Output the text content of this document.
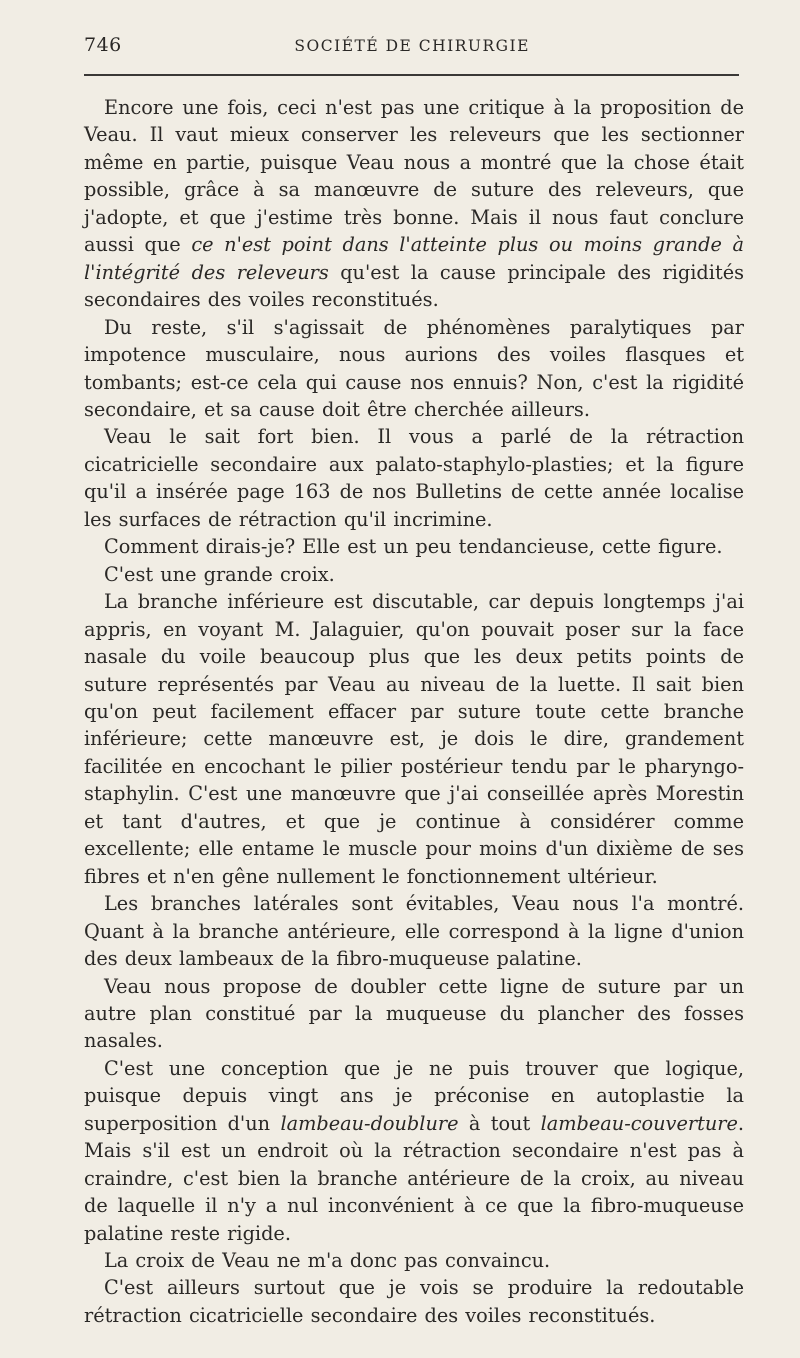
746	SOCIÉTÉ DE CHIRURGIE

Encore une fois, ceci n'est pas une critique à la proposition de Veau. Il vaut mieux conserver les releveurs que les sectionner même en partie, puisque Veau nous a montré que la chose était possible, grâce à sa manœuvre de suture des releveurs, que j'adopte, et que j'estime très bonne. Mais il nous faut conclure aussi que ce n'est point dans l'atteinte plus ou moins grande à l'intégrité des releveurs qu'est la cause principale des rigidités secondaires des voiles reconstitués.

Du reste, s'il s'agissait de phénomènes paralytiques par impotence musculaire, nous aurions des voiles flasques et tombants; est-ce cela qui cause nos ennuis? Non, c'est la rigidité secondaire, et sa cause doit être cherchée ailleurs.

Veau le sait fort bien. Il vous a parlé de la rétraction cicatricielle secondaire aux palato-staphylo-plasties; et la figure qu'il a insérée page 163 de nos Bulletins de cette année localise les surfaces de rétraction qu'il incrimine.

Comment dirais-je? Elle est un peu tendancieuse, cette figure.

C'est une grande croix.

La branche inférieure est discutable, car depuis longtemps j'ai appris, en voyant M. Jalaguier, qu'on pouvait poser sur la face nasale du voile beaucoup plus que les deux petits points de suture représentés par Veau au niveau de la luette. Il sait bien qu'on peut facilement effacer par suture toute cette branche inférieure; cette manœuvre est, je dois le dire, grandement facilitée en encochant le pilier postérieur tendu par le pharyngo-staphylin. C'est une manœuvre que j'ai conseillée après Morestin et tant d'autres, et que je continue à considérer comme excellente; elle entame le muscle pour moins d'un dixième de ses fibres et n'en gêne nullement le fonctionnement ultérieur.

Les branches latérales sont évitables, Veau nous l'a montré. Quant à la branche antérieure, elle correspond à la ligne d'union des deux lambeaux de la fibro-muqueuse palatine.

Veau nous propose de doubler cette ligne de suture par un autre plan constitué par la muqueuse du plancher des fosses nasales.

C'est une conception que je ne puis trouver que logique, puisque depuis vingt ans je préconise en autoplastie la superposition d'un lambeau-doublure à tout lambeau-couverture. Mais s'il est un endroit où la rétraction secondaire n'est pas à craindre, c'est bien la branche antérieure de la croix, au niveau de laquelle il n'y a nul inconvénient à ce que la fibro-muqueuse palatine reste rigide.

La croix de Veau ne m'a donc pas convaincu.

C'est ailleurs surtout que je vois se produire la redoutable rétraction cicatricielle secondaire des voiles reconstitués.
